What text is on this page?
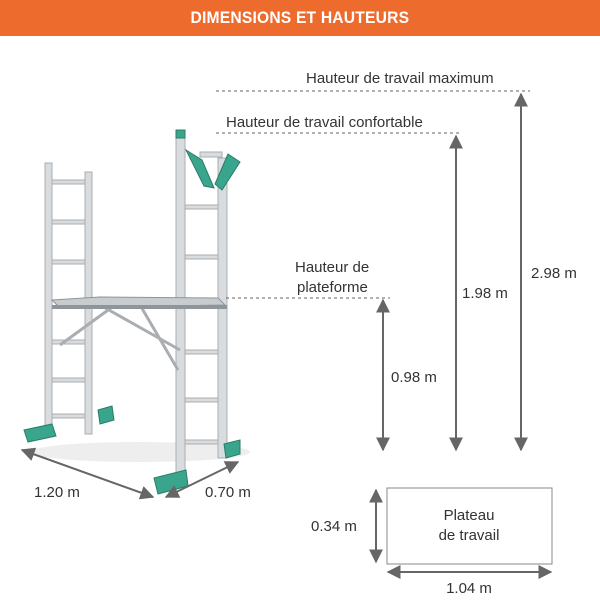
DIMENSIONS ET HAUTEURS
Hauteur de travail maximum
2.98 m
Hauteur de travail confortable
1.98 m
Hauteur de
plateforme
0.98 m
1.20 m	0.70 m
Plateau
de travail
0.34 m
1.04 m
